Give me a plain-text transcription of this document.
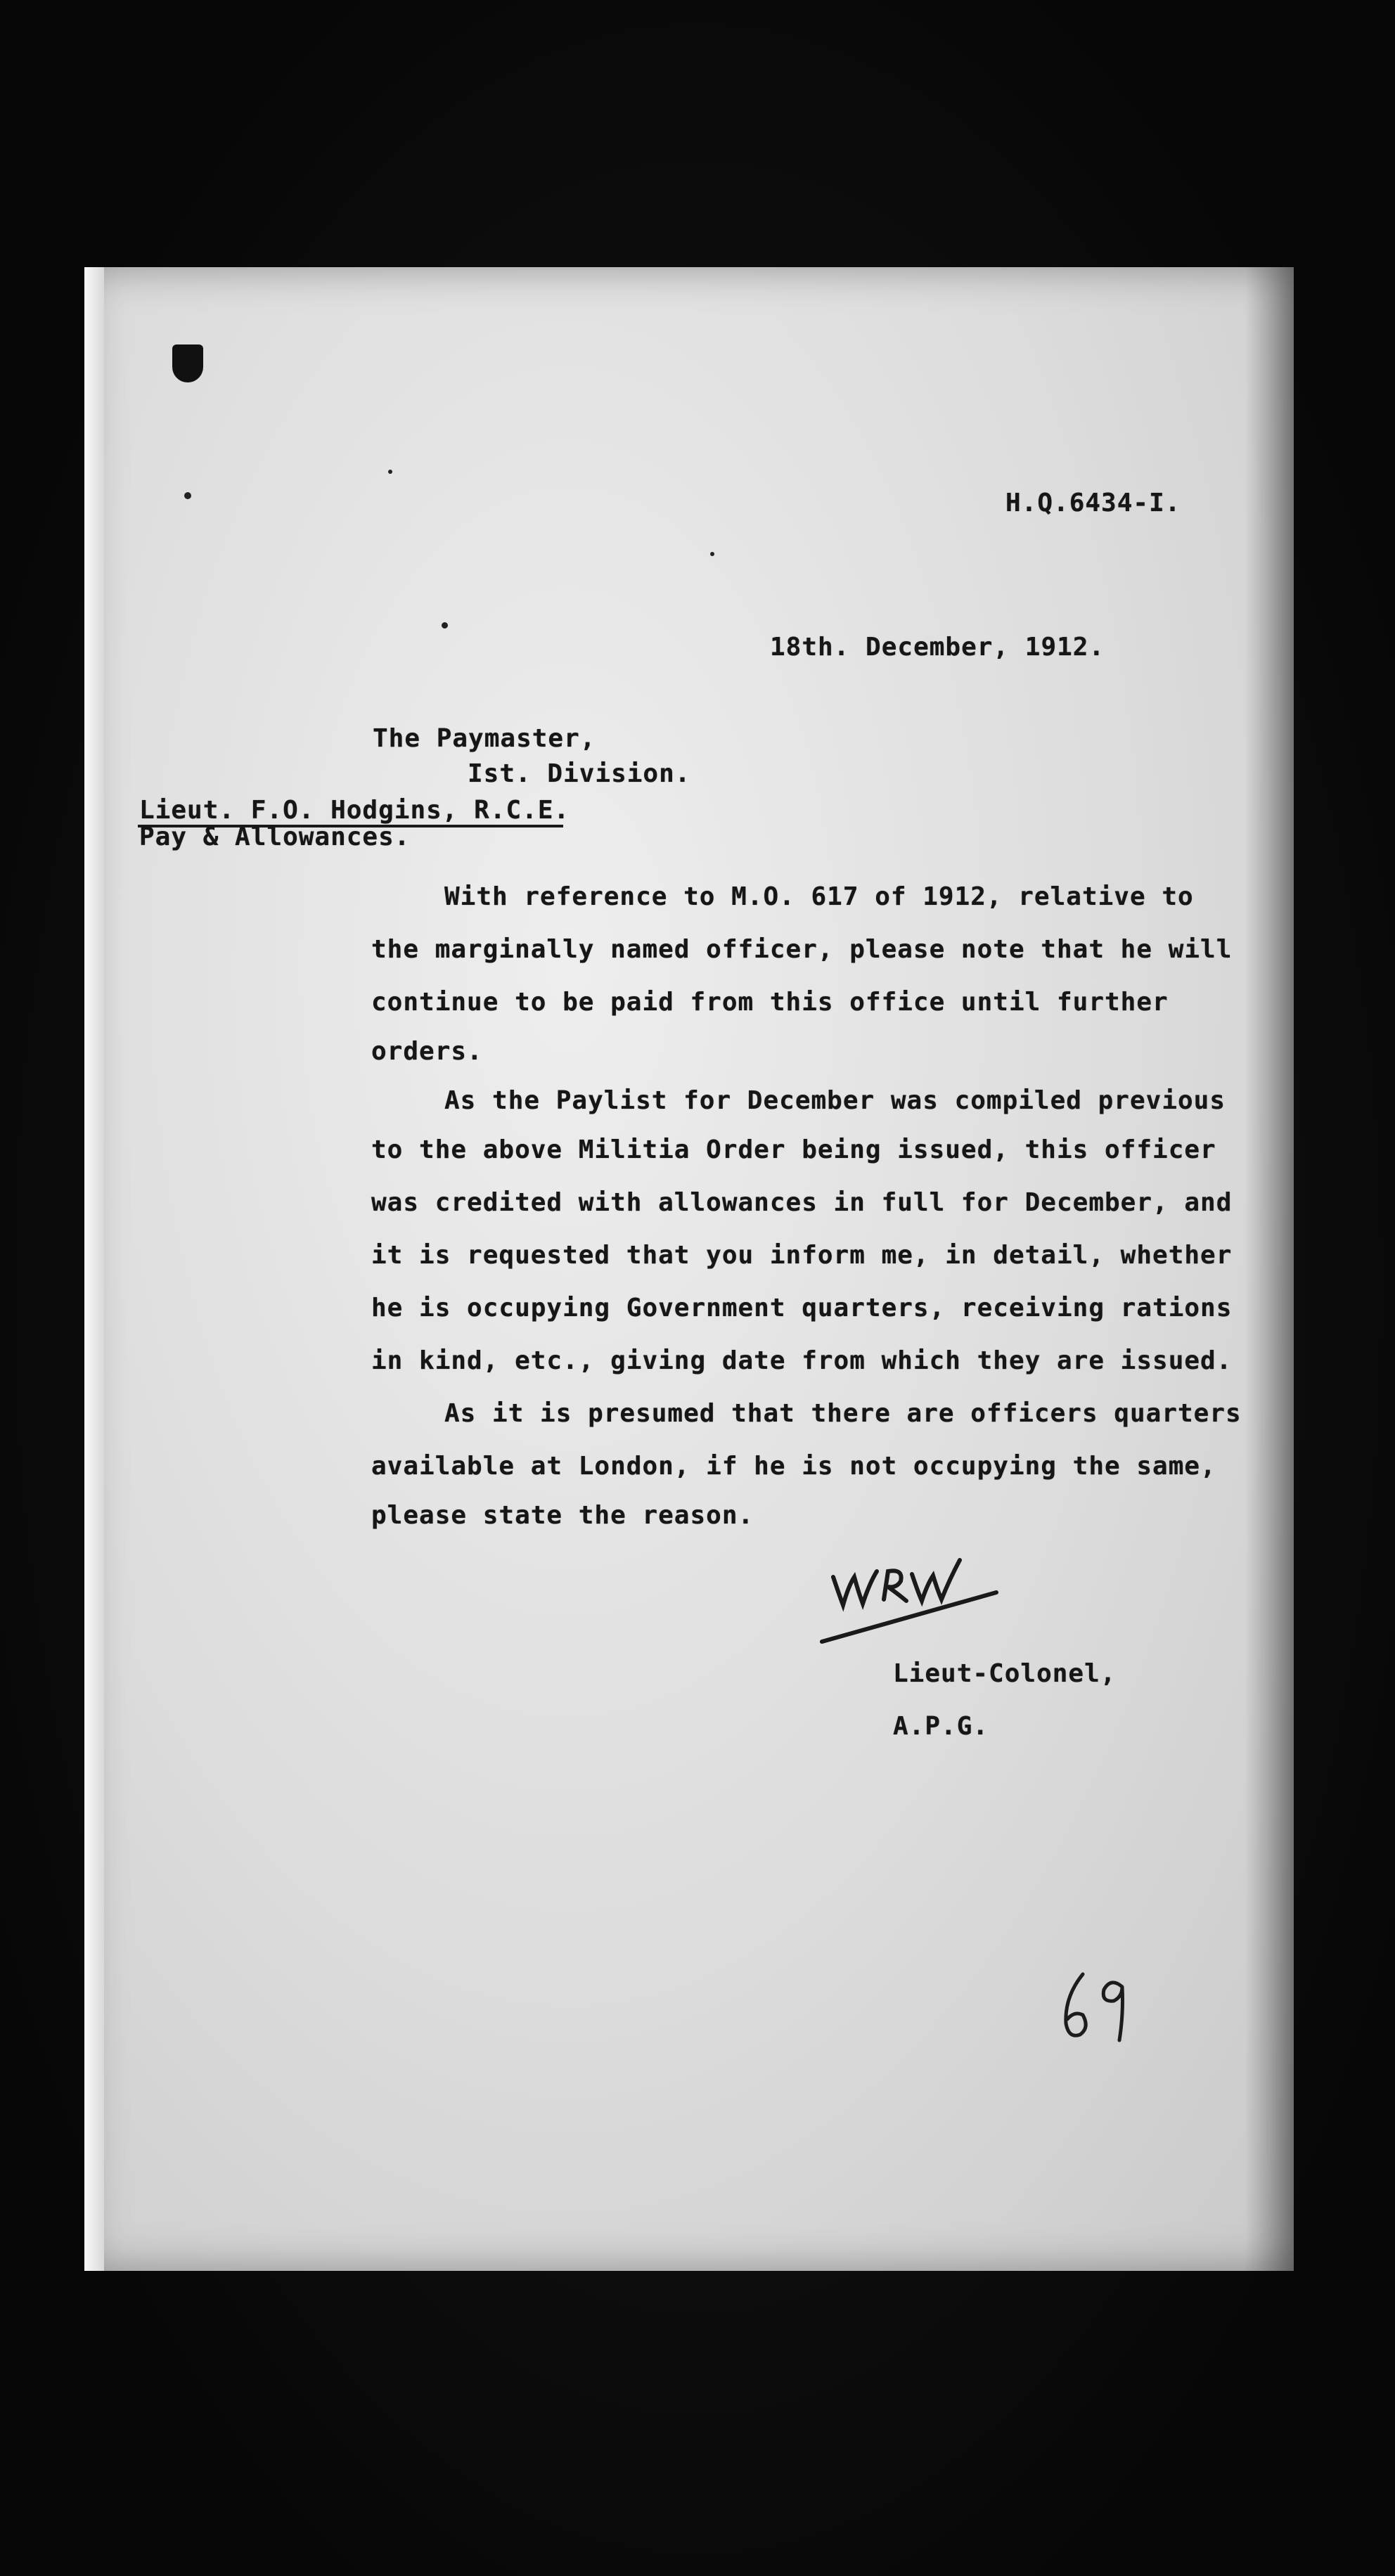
H.Q.6434-I.
18th. December, 1912.
The Paymaster,
Ist. Division.
Lieut. F.O. Hodgins, R.C.E.
Pay & Allowances.
With reference to M.O. 617 of 1912, relative to
the marginally named officer, please note that he will
continue to be paid from this office until further
orders.
As the Paylist for December was compiled previous
to the above Militia Order being issued, this officer
was credited with allowances in full for December, and
it is requested that you inform me, in detail, whether
he is occupying Government quarters, receiving rations
in kind, etc., giving date from which they are issued.
As it is presumed that there are officers quarters
available at London, if he is not occupying the same,
please state the reason.
Lieut-Colonel,
A.P.G.
